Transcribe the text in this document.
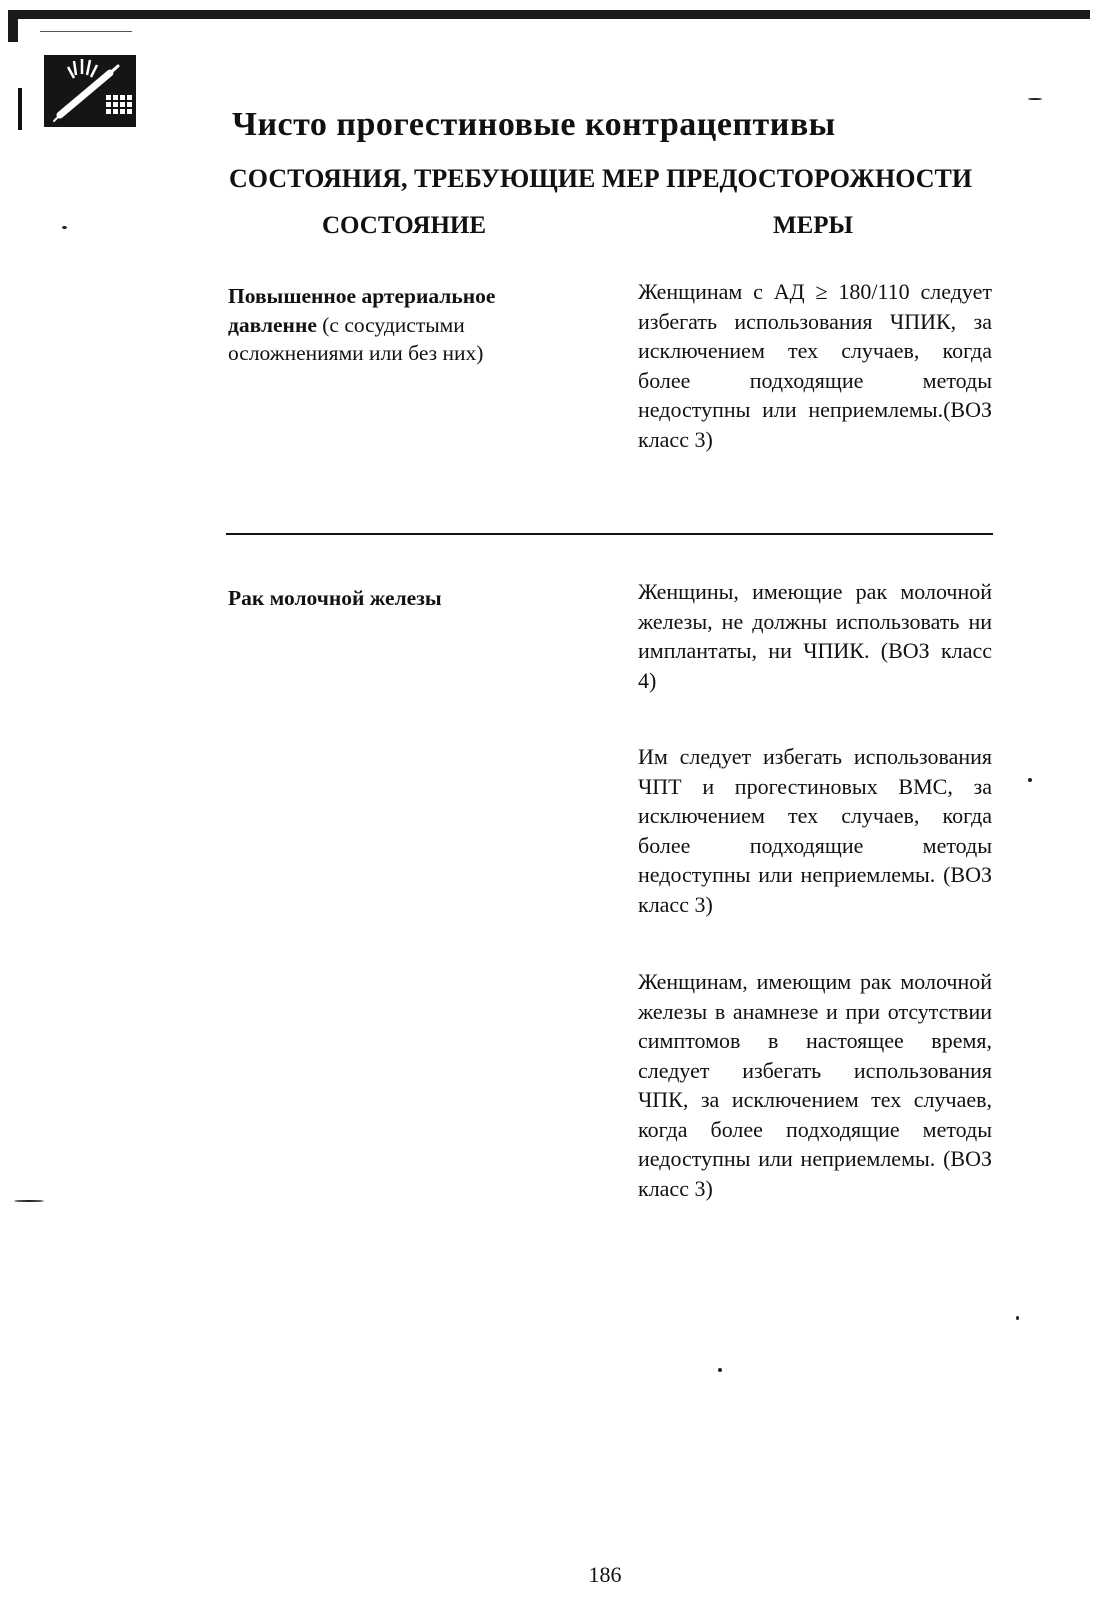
Чисто прогестиновые контрацептивы
СОСТОЯНИЯ, ТРЕБУЮЩИЕ МЕР ПРЕДОСТОРОЖНОСТИ
СОСТОЯНИЕ	МЕРЫ
Повышенное артериальное давленне (с сосудистыми осложнениями или без них)

Женщинам с АД ≥ 180/110 следует избегать использования ЧПИК, за исключением тех случаев, когда более подходящие методы недоступны или неприемлемы.(ВОЗ класс 3)

Рак молочной железы	Женщины, имеющие рак молочной железы, не должны использовать ни имплантаты, ни ЧПИК. (ВОЗ класс 4)

Им следует избегать использования ЧПТ и прогестиновых ВМС, за исключением тех случаев, когда более подходящие методы недоступны или неприемлемы. (ВОЗ класс 3)

Женщинам, имеющим рак молочной железы в анамнезе и при отсутствии симптомов в настоящее время, следует избегать использования ЧПК, за исключением тех случаев, когда более подходящие методы иедоступны или неприемлемы. (ВОЗ класс 3)

186
